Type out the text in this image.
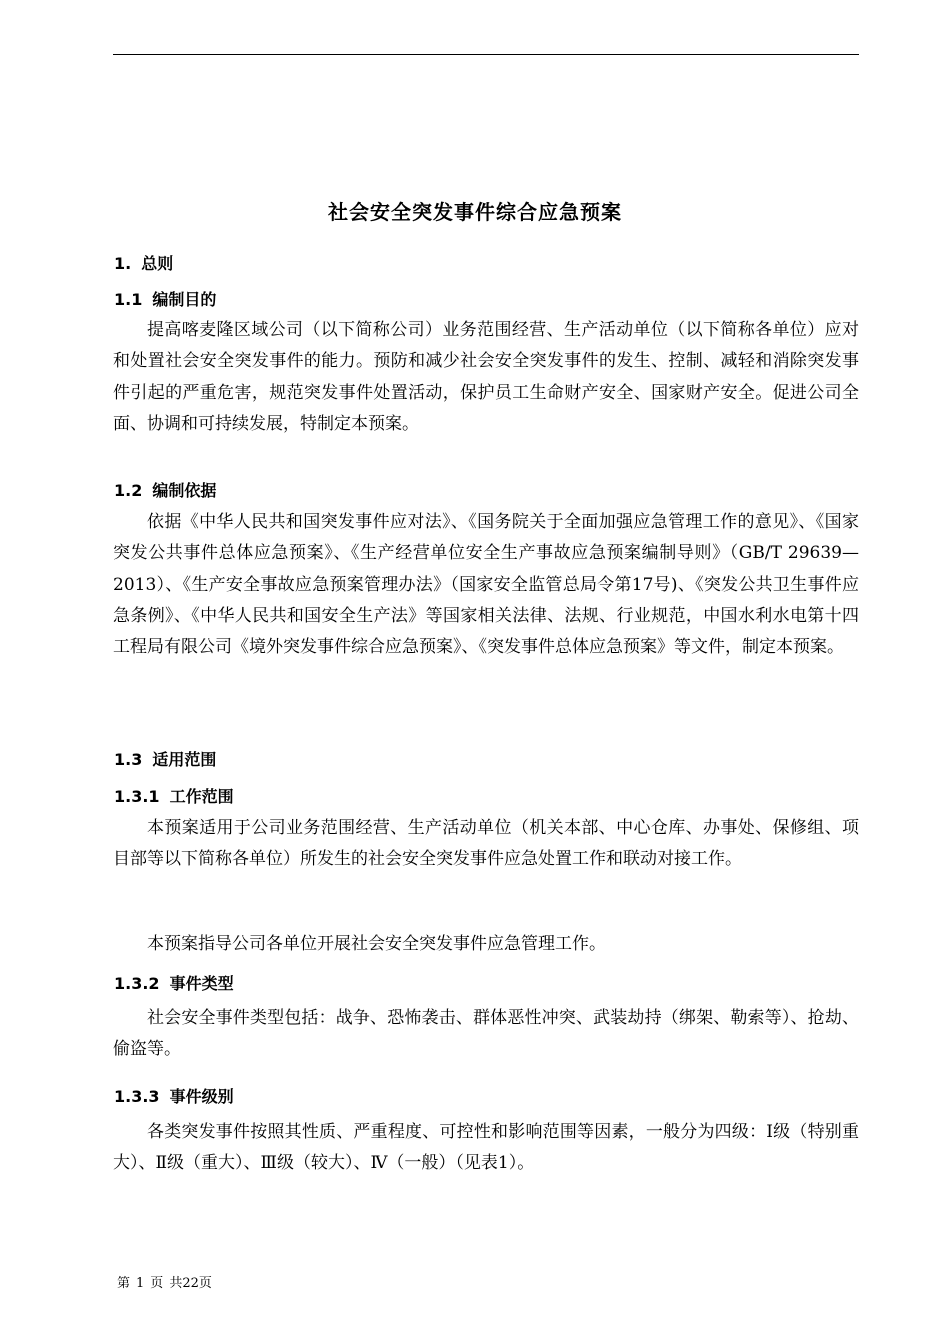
社会安全突发事件综合应急预案
1. 总则
1.1 编制目的
提高喀麦隆区域公司（以下简称公司）业务范围经营、生产活动单位（以下简称各单位）应对和处置社会安全突发事件的能力。预防和减少社会安全突发事件的发生、控制、减轻和消除突发事件引起的严重危害，规范突发事件处置活动，保护员工生命财产安全、国家财产安全。促进公司全面、协调和可持续发展，特制定本预案。
1.2 编制依据
依据《中华人民共和国突发事件应对法》、《国务院关于全面加强应急管理工作的意见》、《国家突发公共事件总体应急预案》、《生产经营单位安全生产事故应急预案编制导则》（GB/T 29639—2013）、《生产安全事故应急预案管理办法》（国家安全监管总局令第17号)、《突发公共卫生事件应急条例》、《中华人民共和国安全生产法》等国家相关法律、法规、行业规范，中国水利水电第十四工程局有限公司《境外突发事件综合应急预案》、《突发事件总体应急预案》等文件，制定本预案。
1.3 适用范围
1.3.1 工作范围
本预案适用于公司业务范围经营、生产活动单位（机关本部、中心仓库、办事处、保修组、项目部等以下简称各单位）所发生的社会安全突发事件应急处置工作和联动对接工作。
本预案指导公司各单位开展社会安全突发事件应急管理工作。
1.3.2 事件类型
社会安全事件类型包括：战争、恐怖袭击、群体恶性冲突、武装劫持（绑架、勒索等）、抢劫、偷盗等。
1.3.3 事件级别
各类突发事件按照其性质、严重程度、可控性和影响范围等因素，一般分为四级：Ⅰ级（特别重大）、Ⅱ级（重大）、Ⅲ级（较大）、Ⅳ（一般）（见表1）。
第 1 页 共22页
